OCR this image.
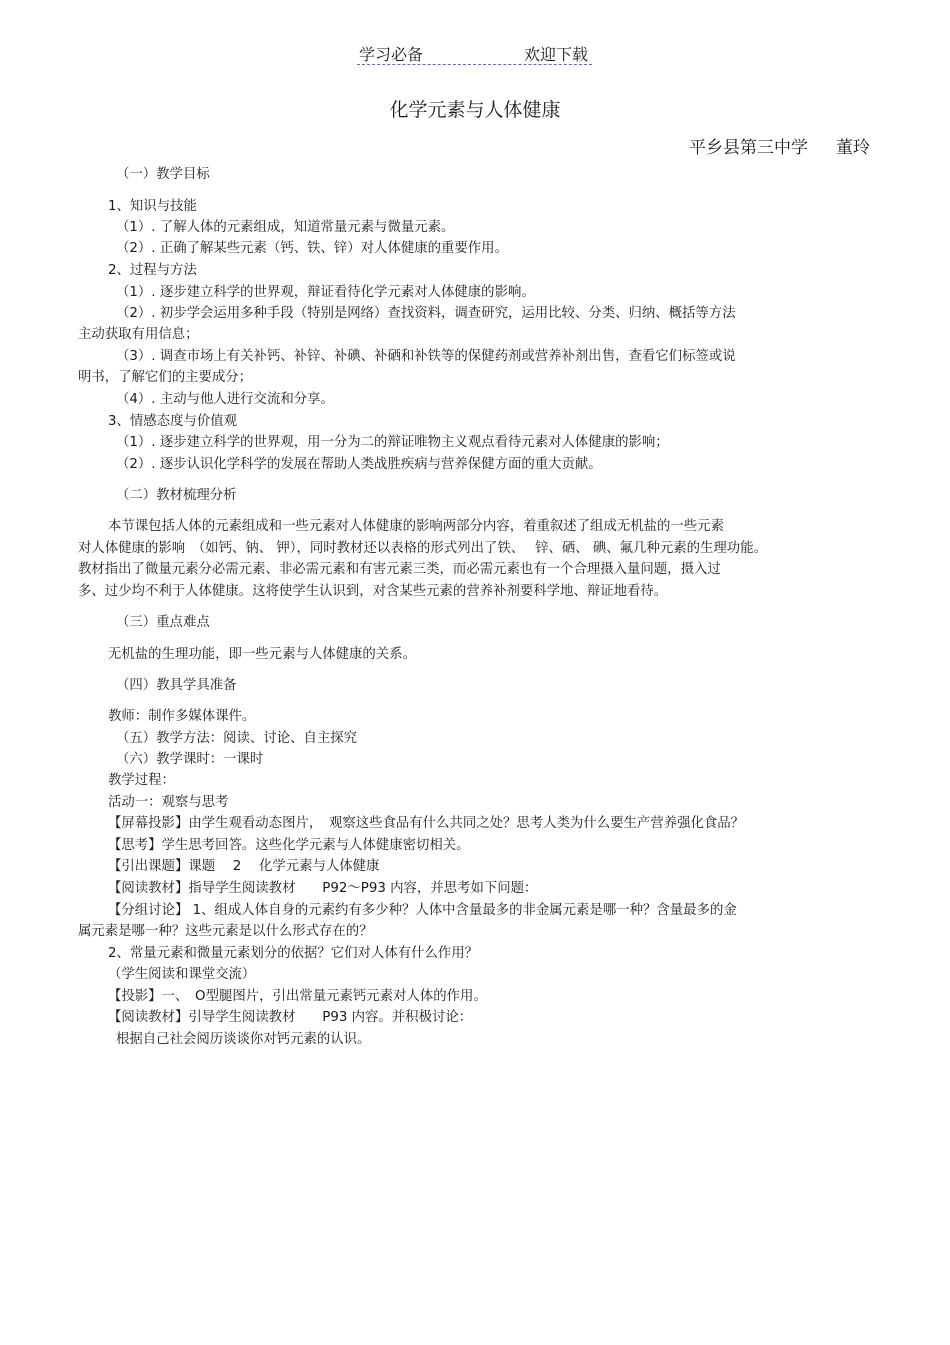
学习必备	欢迎下载
化学元素与人体健康
平乡县第三中学 董玲
（一）教学目标
1、知识与技能
（1）. 了解人体的元素组成，知道常量元素与微量元素。
（2）. 正确了解某些元素（钙、铁、锌）对人体健康的重要作用。
2、过程与方法
（1）. 逐步建立科学的世界观，辩证看待化学元素对人体健康的影响。
（2）. 初步学会运用多种手段（特别是网络）查找资料，调查研究，运用比较、分类、归纳、概括等方法
主动获取有用信息；
（3）. 调查市场上有关补钙、补锌、补碘、补硒和补铁等的保健药剂或营养补剂出售，查看它们标签或说
明书，了解它们的主要成分；
（4）. 主动与他人进行交流和分享。
3、情感态度与价值观
（1）. 逐步建立科学的世界观，用一分为二的辩证唯物主义观点看待元素对人体健康的影响；
（2）. 逐步认识化学科学的发展在帮助人类战胜疾病与营养保健方面的重大贡献。
（二）教材梳理分析
本节课包括人体的元素组成和一些元素对人体健康的影响两部分内容，着重叙述了组成无机盐的一些元素
对人体健康的影响　（如钙、钠、 钾），同时教材还以表格的形式列出了铁、　 锌、硒、 碘、氟几种元素的生理功能。
教材指出了微量元素分必需元素、非必需元素和有害元素三类，而必需元素也有一个合理摄入量问题，摄入过
多、过少均不利于人体健康。这将使学生认识到，对含某些元素的营养补剂要科学地、辩证地看待。
（三）重点难点
无机盐的生理功能，即一些元素与人体健康的关系。
（四）教具学具准备
教师：制作多媒体课件。
（五）教学方法：阅读、讨论、自主探究
（六）教学课时：一课时
教学过程：
活动一：观察与思考
【屏幕投影】由学生观看动态图片，　观察这些食品有什么共同之处？思考人类为什么要生产营养强化食品？
【思考】学生思考回答。这些化学元素与人体健康密切相关。
【引出课题】课题　 2　 化学元素与人体健康
【阅读教材】指导学生阅读教材　　P92～P93 内容，并思考如下问题：
【分组讨论】 1、组成人体自身的元素约有多少种？人体中含量最多的非金属元素是哪一种？含量最多的金
属元素是哪一种？这些元素是以什么形式存在的？
2、常量元素和微量元素划分的依据？它们对人体有什么作用？
（学生阅读和课堂交流）
【投影】一、　O型腿图片，引出常量元素钙元素对人体的作用。
【阅读教材】引导学生阅读教材　　P93 内容。并积极讨论：
根据自己社会阅历谈谈你对钙元素的认识。
